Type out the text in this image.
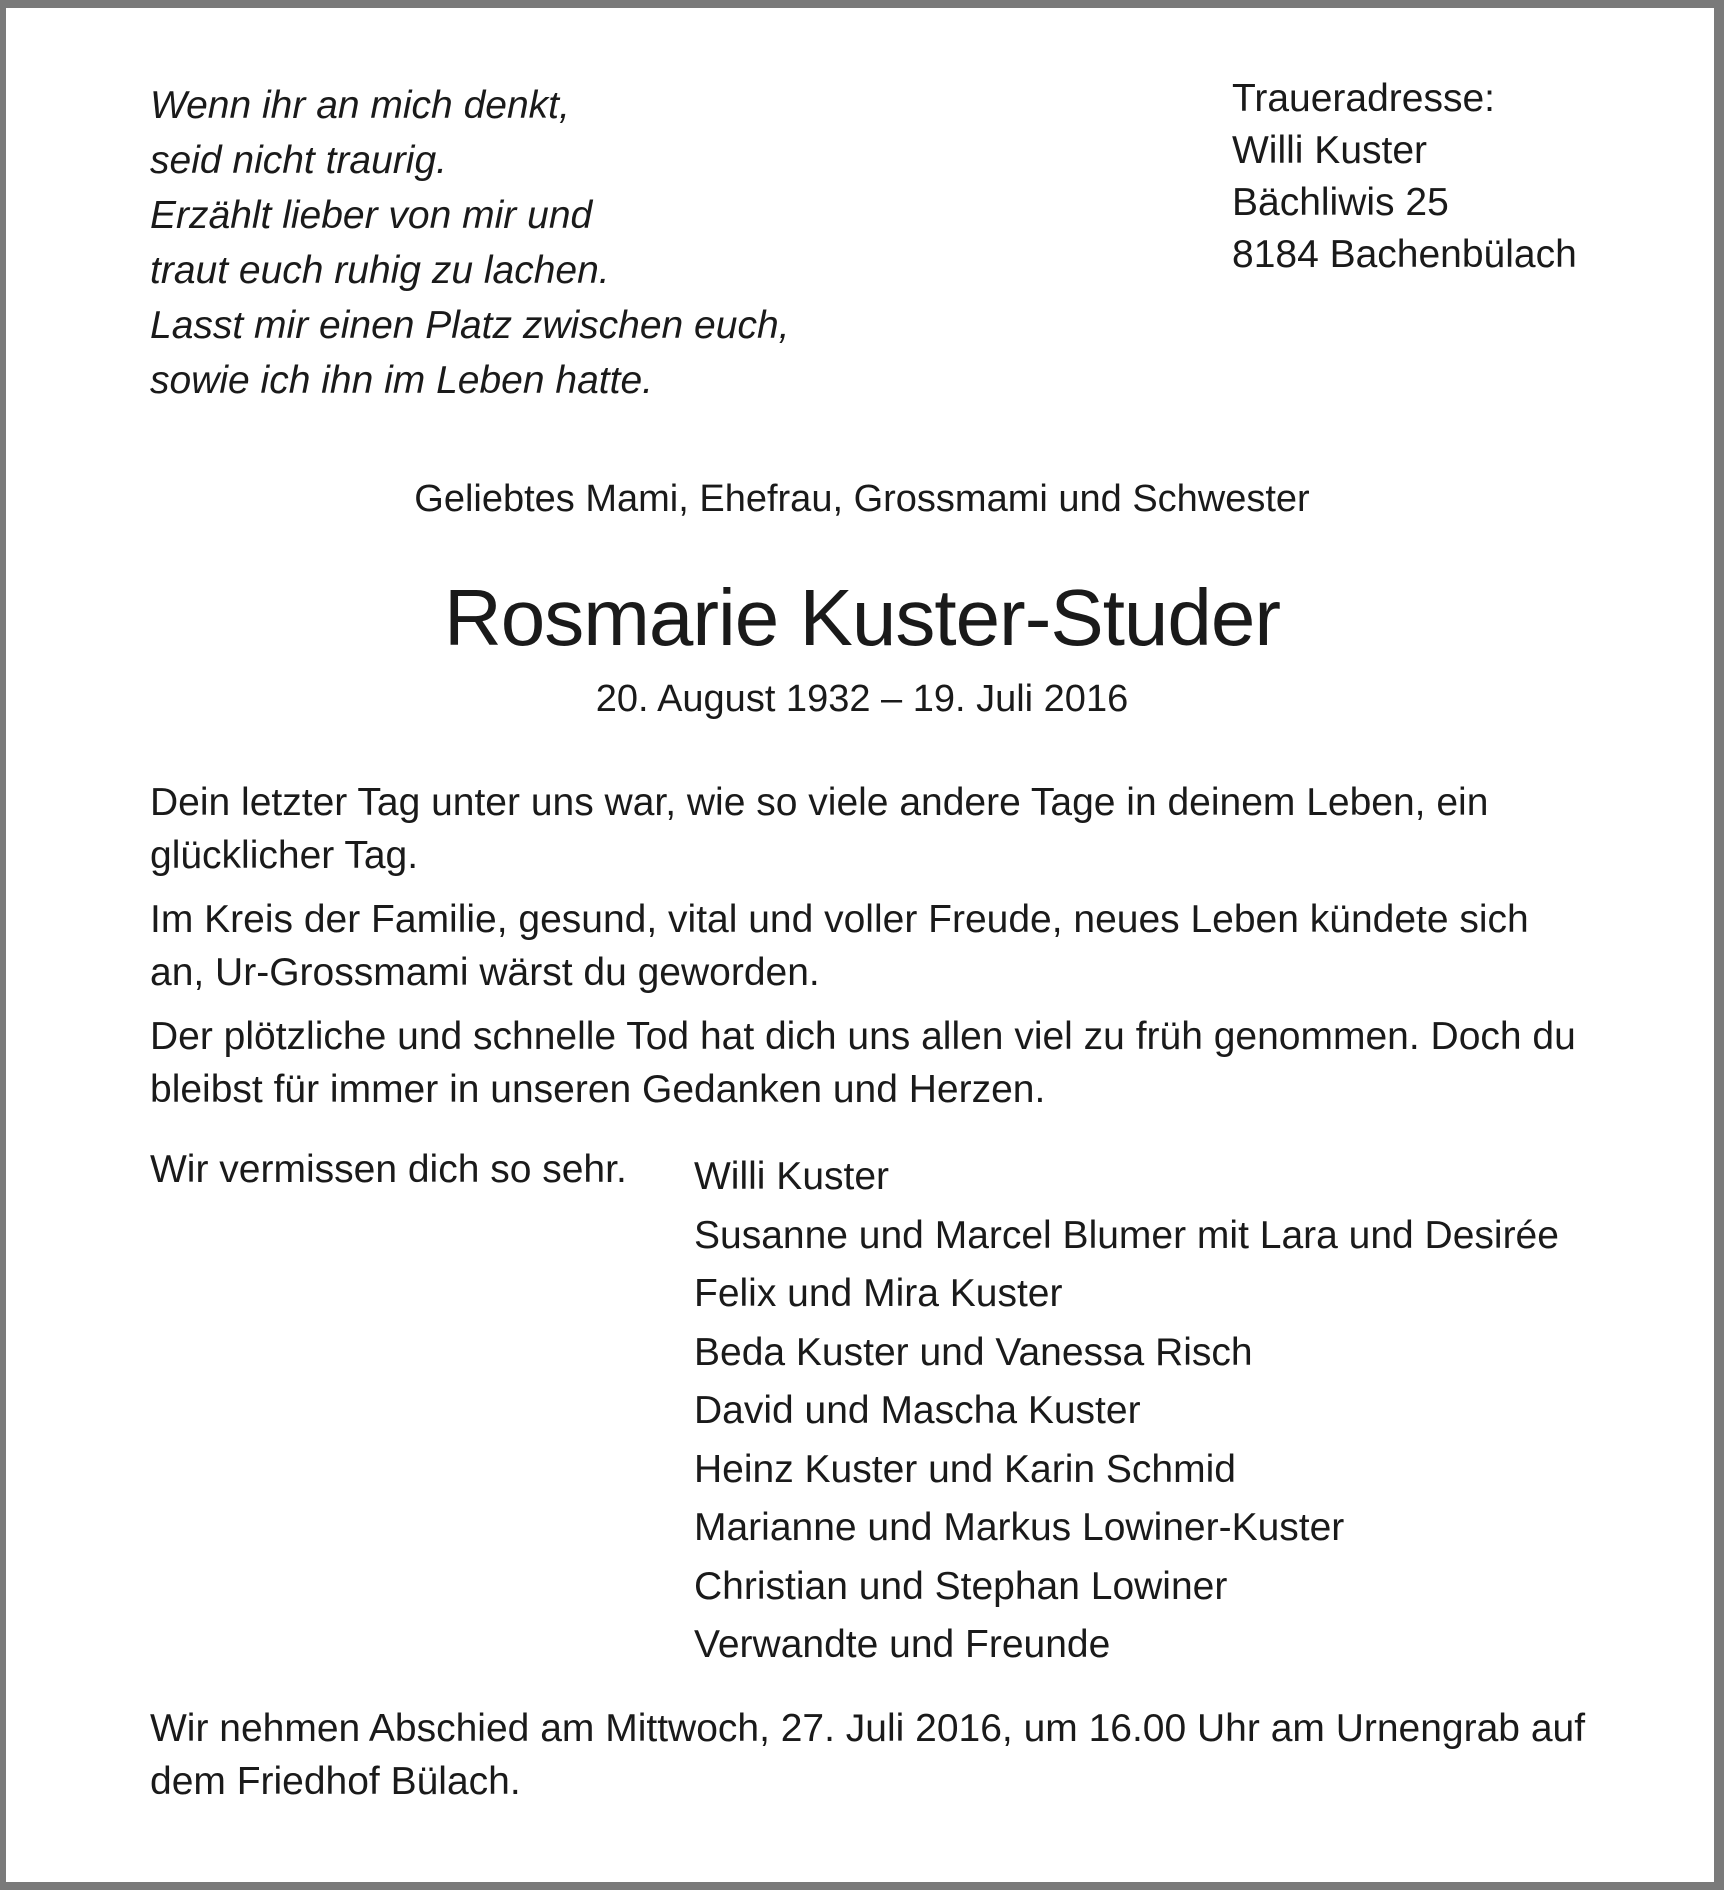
Wenn ihr an mich denkt,
seid nicht traurig.
Erzählt lieber von mir und
traut euch ruhig zu lachen.
Lasst mir einen Platz zwischen euch,
sowie ich ihn im Leben hatte.
Traueradresse:
Willi Kuster
Bächliwis 25
8184 Bachenbülach
Geliebtes Mami, Ehefrau, Grossmami und Schwester
Rosmarie Kuster-Studer
20. August 1932 – 19. Juli 2016

Dein letzter Tag unter uns war, wie so viele andere Tage in deinem Leben, ein glücklicher Tag.

Im Kreis der Familie, gesund, vital und voller Freude, neues Leben kündete sich an, Ur-Grossmami wärst du geworden.

Der plötzliche und schnelle Tod hat dich uns allen viel zu früh genommen. Doch du bleibst für immer in unseren Gedanken und Herzen.

Wir vermissen dich so sehr. Willi Kuster
Susanne und Marcel Blumer mit Lara und Desirée
Felix und Mira Kuster
Beda Kuster und Vanessa Risch
David und Mascha Kuster
Heinz Kuster und Karin Schmid
Marianne und Markus Lowiner-Kuster
Christian und Stephan Lowiner
Verwandte und Freunde
Wir nehmen Abschied am Mittwoch, 27. Juli 2016, um 16.00 Uhr am Urnengrab auf dem Friedhof Bülach.
